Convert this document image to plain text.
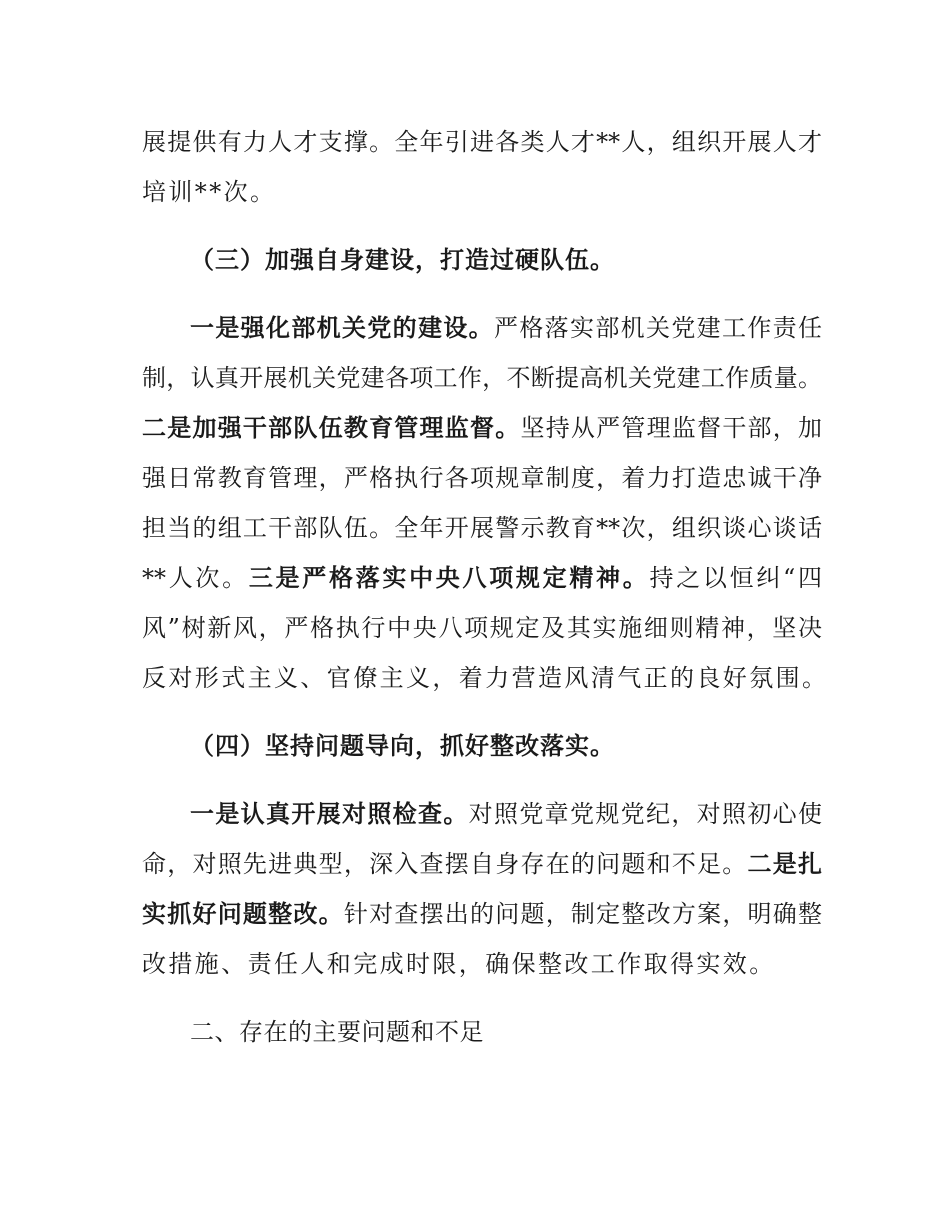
展提供有力人才支撑。全年引进各类人才**人，组织开展人才
培训**次。
（三）加强自身建设，打造过硬队伍。
一是强化部机关党的建设。严格落实部机关党建工作责任
制，认真开展机关党建各项工作，不断提高机关党建工作质量。
二是加强干部队伍教育管理监督。坚持从严管理监督干部，加
强日常教育管理，严格执行各项规章制度，着力打造忠诚干净
担当的组工干部队伍。全年开展警示教育**次，组织谈心谈话
**人次。三是严格落实中央八项规定精神。持之以恒纠“四
风”树新风，严格执行中央八项规定及其实施细则精神，坚决
反对形式主义、官僚主义，着力营造风清气正的良好氛围。
（四）坚持问题导向，抓好整改落实。
一是认真开展对照检查。对照党章党规党纪，对照初心使
命，对照先进典型，深入查摆自身存在的问题和不足。二是扎
实抓好问题整改。针对查摆出的问题，制定整改方案，明确整
改措施、责任人和完成时限，确保整改工作取得实效。
二、存在的主要问题和不足
